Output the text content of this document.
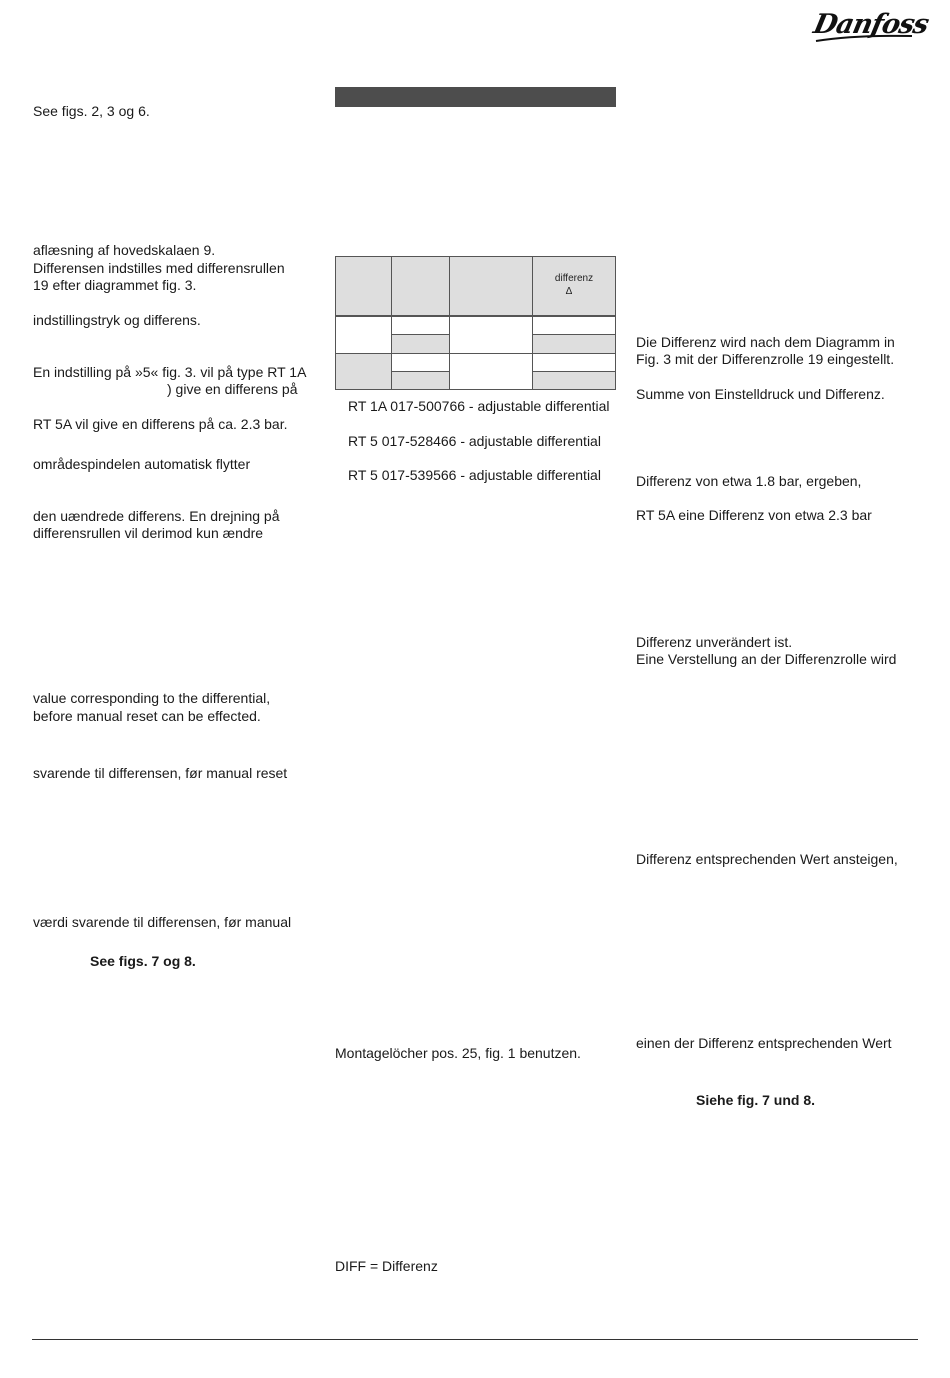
Danfoss
See figs. 2, 3 og 6.
aflæsning af hovedskalaen 9.
Differensen indstilles med differensrullen
19 efter diagrammet fig. 3.
indstillingstryk og differens.
En indstilling på »5« fig. 3. vil på type RT 1A
) give en differens på
RT 5A vil give en differens på ca. 2.3 bar.
områdespindelen automatisk flytter
den uændrede differens. En drejning på
differensrullen vil derimod kun ændre
value corresponding to the differential,
before manual reset can be effected.
svarende til differensen, før manual reset
værdi svarende til differensen, før manual
See figs. 7 og 8.
differenz
Δ
RT 1A 017-500766 - adjustable differential
RT 5 017-528466 - adjustable differential
RT 5 017-539566 - adjustable differential
Montagelöcher pos. 25, fig. 1 benutzen.
DIFF = Differenz
Die Differenz wird nach dem Diagramm in
Fig. 3 mit der Differenzrolle 19 eingestellt.
Summe von Einstelldruck und Differenz.
Differenz von etwa 1.8 bar, ergeben,
RT 5A eine Differenz von etwa 2.3 bar
Differenz unverändert ist.
Eine Verstellung an der Differenzrolle wird
Differenz entsprechenden Wert ansteigen,
einen der Differenz entsprechenden Wert
Siehe fig. 7 und 8.
